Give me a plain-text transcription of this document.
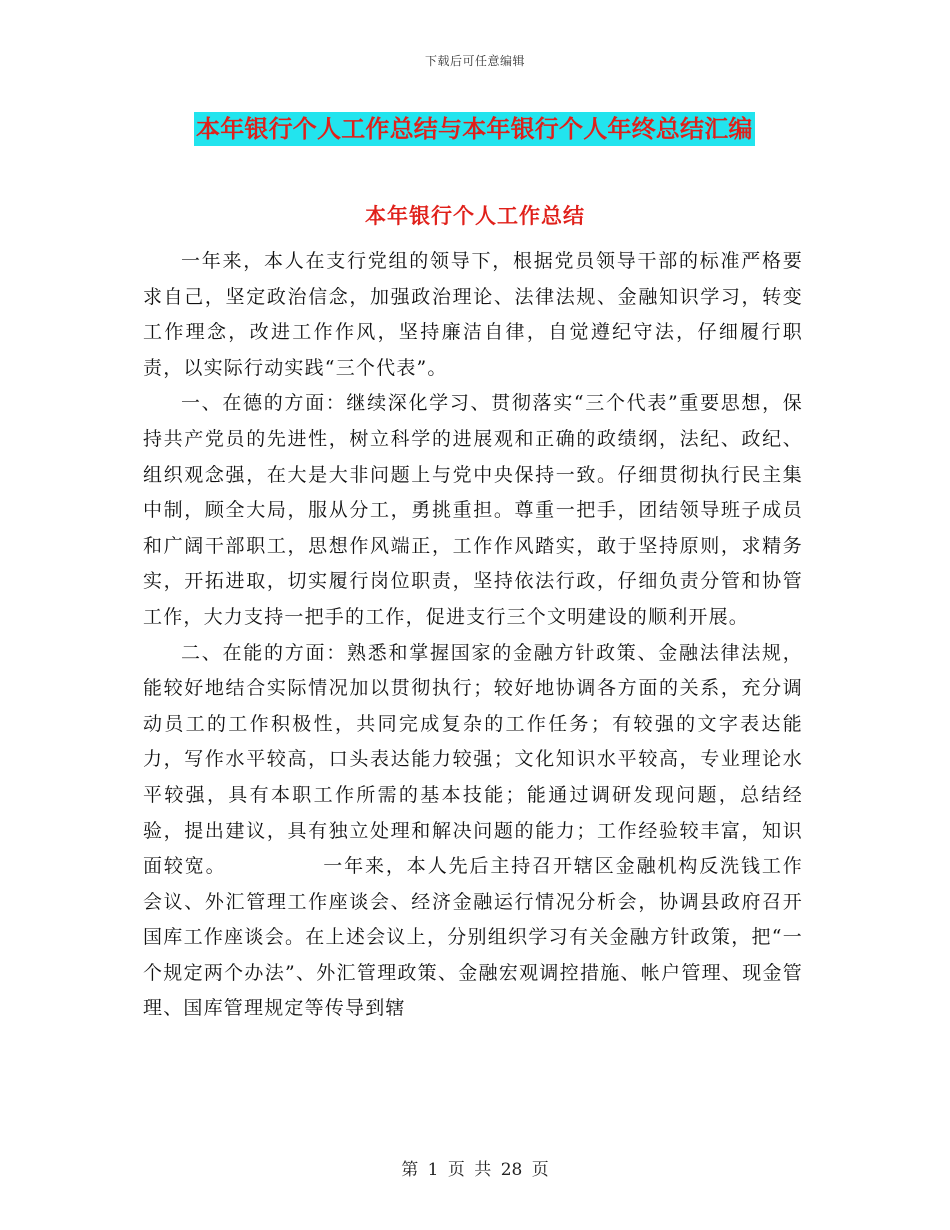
下载后可任意编辑
本年银行个人工作总结与本年银行个人年终总结汇编
本年银行个人工作总结

一年来，本人在支行党组的领导下，根据党员领导干部的标准严格要求自己，坚定政治信念，加强政治理论、法律法规、金融知识学习，转变工作理念，改进工作作风，坚持廉洁自律，自觉遵纪守法，仔细履行职责，以实际行动实践“三个代表”。

一、在德的方面：继续深化学习、贯彻落实“三个代表”重要思想，保持共产党员的先进性，树立科学的进展观和正确的政绩纲，法纪、政纪、组织观念强，在大是大非问题上与党中央保持一致。仔细贯彻执行民主集中制，顾全大局，服从分工，勇挑重担。尊重一把手，团结领导班子成员和广阔干部职工，思想作风端正，工作作风踏实，敢于坚持原则，求精务实，开拓进取，切实履行岗位职责，坚持依法行政，仔细负责分管和协管工作，大力支持一把手的工作，促进支行三个文明建设的顺利开展。

二、在能的方面：熟悉和掌握国家的金融方针政策、金融法律法规，能较好地结合实际情况加以贯彻执行；较好地协调各方面的关系，充分调动员工的工作积极性，共同完成复杂的工作任务；有较强的文字表达能力，写作水平较高，口头表达能力较强；文化知识水平较高，专业理论水平较强，具有本职工作所需的基本技能；能通过调研发现问题，总结经验，提出建议，具有独立处理和解决问题的能力；工作经验较丰富，知识面较宽。	一年来，本人先后主持召开辖区金融机构反洗钱工作会议、外汇管理工作座谈会、经济金融运行情况分析会，协调县政府召开国库工作座谈会。在上述会议上，分别组织学习有关金融方针政策，把“一个规定两个办法”、外汇管理政策、金融宏观调控措施、帐户管理、现金管理、国库管理规定等传导到辖

第 1 页 共 28 页
